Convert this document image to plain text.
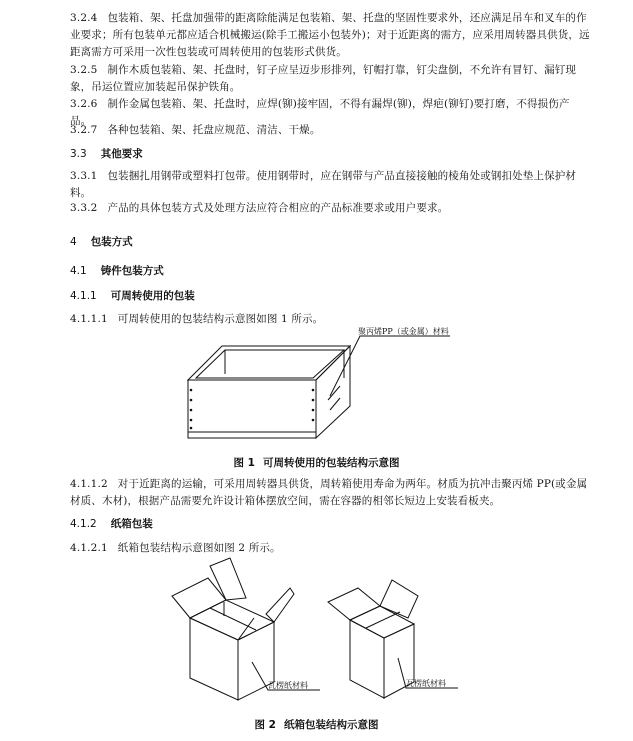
3.2.4 包装箱、架、托盘加强带的距离除能满足包装箱、架、托盘的坚固性要求外，还应满足吊车和叉车的作业要求；所有包装单元都应适合机械搬运(除手工搬运小包装外)；对于近距离的需方，应采用周转器具供货，远距离需方可采用一次性包装或可周转使用的包装形式供货。

3.2.5 制作木质包装箱、架、托盘时，钉子应呈迈步形排列，钉帽打靠，钉尖盘倒，不允许有冒钉、漏钉现象，吊运位置应加装起吊保护铁角。

3.2.6 制作金属包装箱、架、托盘时，应焊(铆)接牢固，不得有漏焊(铆)，焊疤(铆钉)要打磨，不得损伤产品。

3.2.7 各种包装箱、架、托盘应规范、清洁、干燥。

3.3 其他要求

3.3.1 包装捆扎用钢带或塑料打包带。使用钢带时，应在钢带与产品直接接触的棱角处或钢扣处垫上保护材料。

3.3.2 产品的具体包装方式及处理方法应符合相应的产品标准要求或用户要求。

4 包装方式

4.1 铸件包装方式

4.1.1 可周转使用的包装

4.1.1.1 可周转使用的包装结构示意图如图 1 所示。

聚丙烯PP（或金属）材料

图 1 可周转使用的包装结构示意图

4.1.1.2 对于近距离的运输，可采用周转器具供货，周转箱使用寿命为两年。材质为抗冲击聚丙烯 PP(或金属材质、木材)，根据产品需要允许设计箱体摆放空间，需在容器的相邻长短边上安装看板夹。

4.1.2 纸箱包装

4.1.2.1 纸箱包装结构示意图如图 2 所示。

瓦楞纸材料	瓦楞纸材料

图 2 纸箱包装结构示意图
